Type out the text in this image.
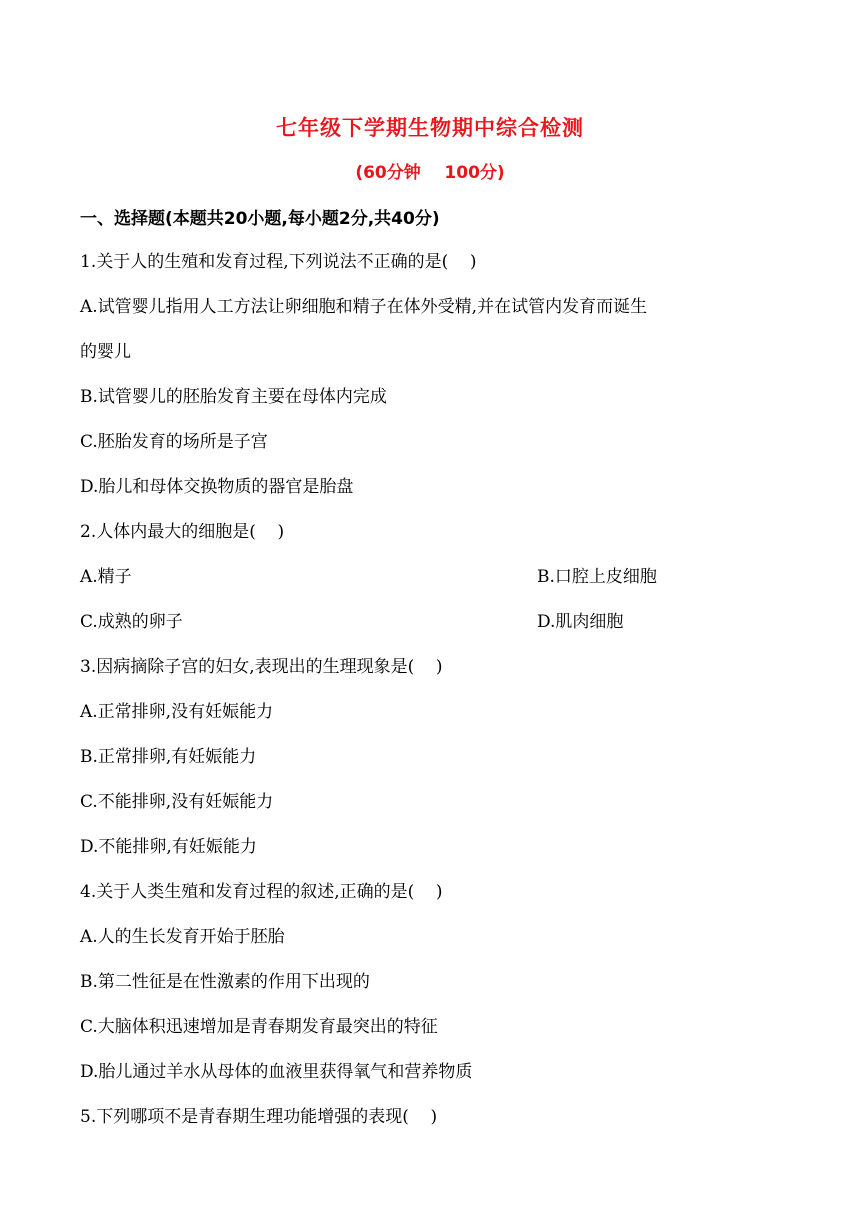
七年级下学期生物期中综合检测
(60分钟    100分)
一、选择题(本题共20小题,每小题2分,共40分)
1.关于人的生殖和发育过程,下列说法不正确的是(    )
A.试管婴儿指用人工方法让卵细胞和精子在体外受精,并在试管内发育而诞生
的婴儿
B.试管婴儿的胚胎发育主要在母体内完成
C.胚胎发育的场所是子宫
D.胎儿和母体交换物质的器官是胎盘
2.人体内最大的细胞是(    )
A.精子	B.口腔上皮细胞
C.成熟的卵子	D.肌肉细胞
3.因病摘除子宫的妇女,表现出的生理现象是(    )
A.正常排卵,没有妊娠能力
B.正常排卵,有妊娠能力
C.不能排卵,没有妊娠能力
D.不能排卵,有妊娠能力
4.关于人类生殖和发育过程的叙述,正确的是(    )
A.人的生长发育开始于胚胎
B.第二性征是在性激素的作用下出现的
C.大脑体积迅速增加是青春期发育最突出的特征
D.胎儿通过羊水从母体的血液里获得氧气和营养物质
5.下列哪项不是青春期生理功能增强的表现(    )
